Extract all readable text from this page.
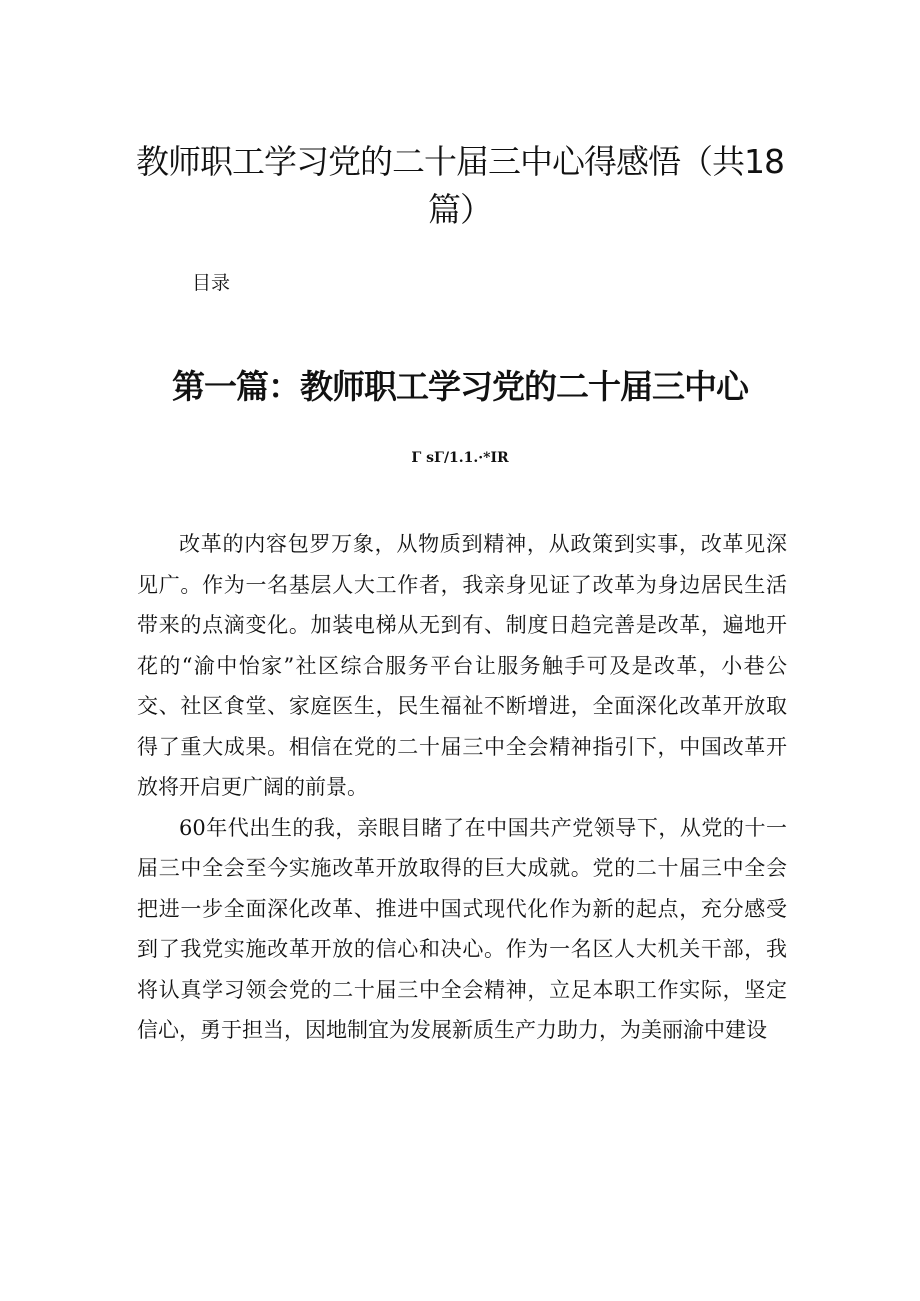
教师职工学习党的二十届三中心得感悟（共18篇）
目录
第一篇：教师职工学习党的二十届三中心
Γ sΓ/1.1.·*IR

改革的内容包罗万象，从物质到精神，从政策到实事，改革见深见广。作为一名基层人大工作者，我亲身见证了改革为身边居民生活带来的点滴变化。加装电梯从无到有、制度日趋完善是改革，遍地开花的“渝中怡家”社区综合服务平台让服务触手可及是改革，小巷公交、社区食堂、家庭医生，民生福祉不断增进，全面深化改革开放取得了重大成果。相信在党的二十届三中全会精神指引下，中国改革开放将开启更广阔的前景。

60年代出生的我，亲眼目睹了在中国共产党领导下，从党的十一届三中全会至今实施改革开放取得的巨大成就。党的二十届三中全会把进一步全面深化改革、推进中国式现代化作为新的起点，充分感受到了我党实施改革开放的信心和决心。作为一名区人大机关干部，我将认真学习领会党的二十届三中全会精神，立足本职工作实际，坚定信心，勇于担当，因地制宜为发展新质生产力助力，为美丽渝中建设
